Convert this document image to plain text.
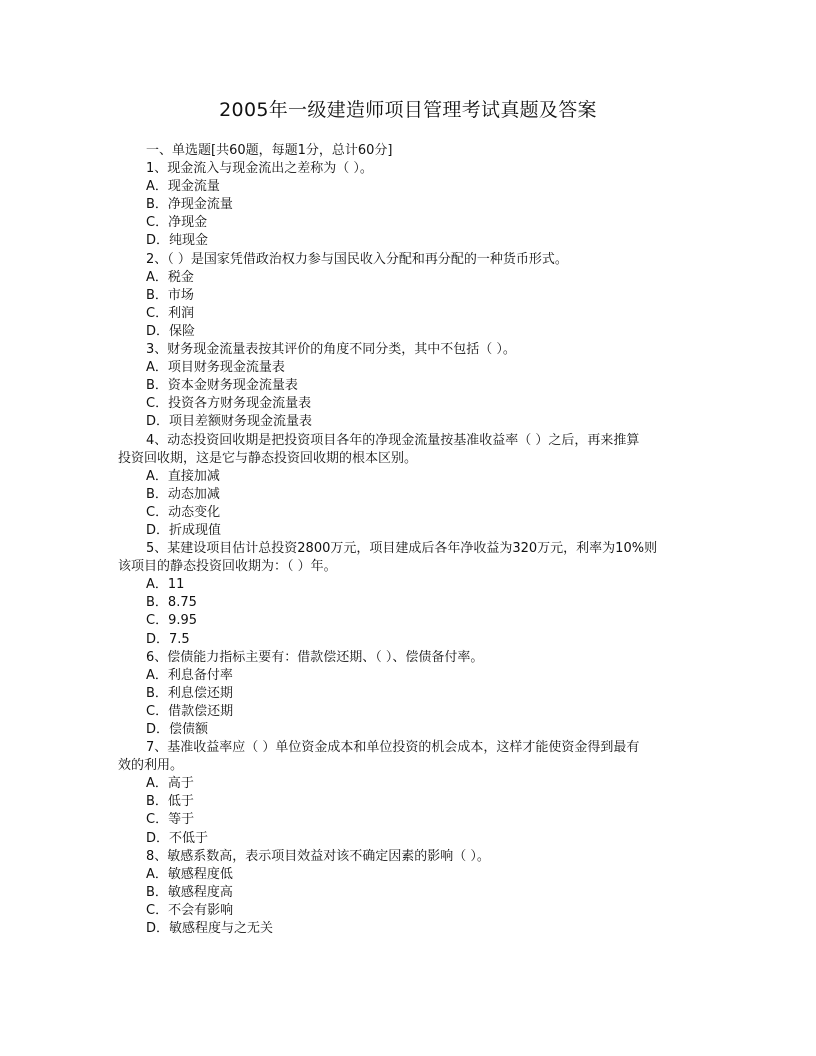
2005年一级建造师项目管理考试真题及答案
一、单选题[共60题，每题1分，总计60分]
1、现金流入与现金流出之差称为（ ）。
A．现金流量
B．净现金流量
C．净现金
D．纯现金
2、（ ）是国家凭借政治权力参与国民收入分配和再分配的一种货币形式。
A．税金
B．市场
C．利润
D．保险
3、财务现金流量表按其评价的角度不同分类，其中不包括（ ）。
A．项目财务现金流量表
B．资本金财务现金流量表
C．投资各方财务现金流量表
D．项目差额财务现金流量表
4、动态投资回收期是把投资项目各年的净现金流量按基准收益率（ ）之后，再来推算
投资回收期，这是它与静态投资回收期的根本区别。
A．直接加减
B．动态加减
C．动态变化
D．折成现值
5、某建设项目估计总投资2800万元，项目建成后各年净收益为320万元，利率为10%则
该项目的静态投资回收期为：（ ）年。
A．11
B．8.75
C．9.95
D．7.5
6、偿债能力指标主要有：借款偿还期、（ ）、偿债备付率。
A．利息备付率
B．利息偿还期
C．借款偿还期
D．偿债额
7、基准收益率应（ ）单位资金成本和单位投资的机会成本，这样才能使资金得到最有
效的利用。
A．高于
B．低于
C．等于
D．不低于
8、敏感系数高，表示项目效益对该不确定因素的影响（ ）。
A．敏感程度低
B．敏感程度高
C．不会有影响
D．敏感程度与之无关
